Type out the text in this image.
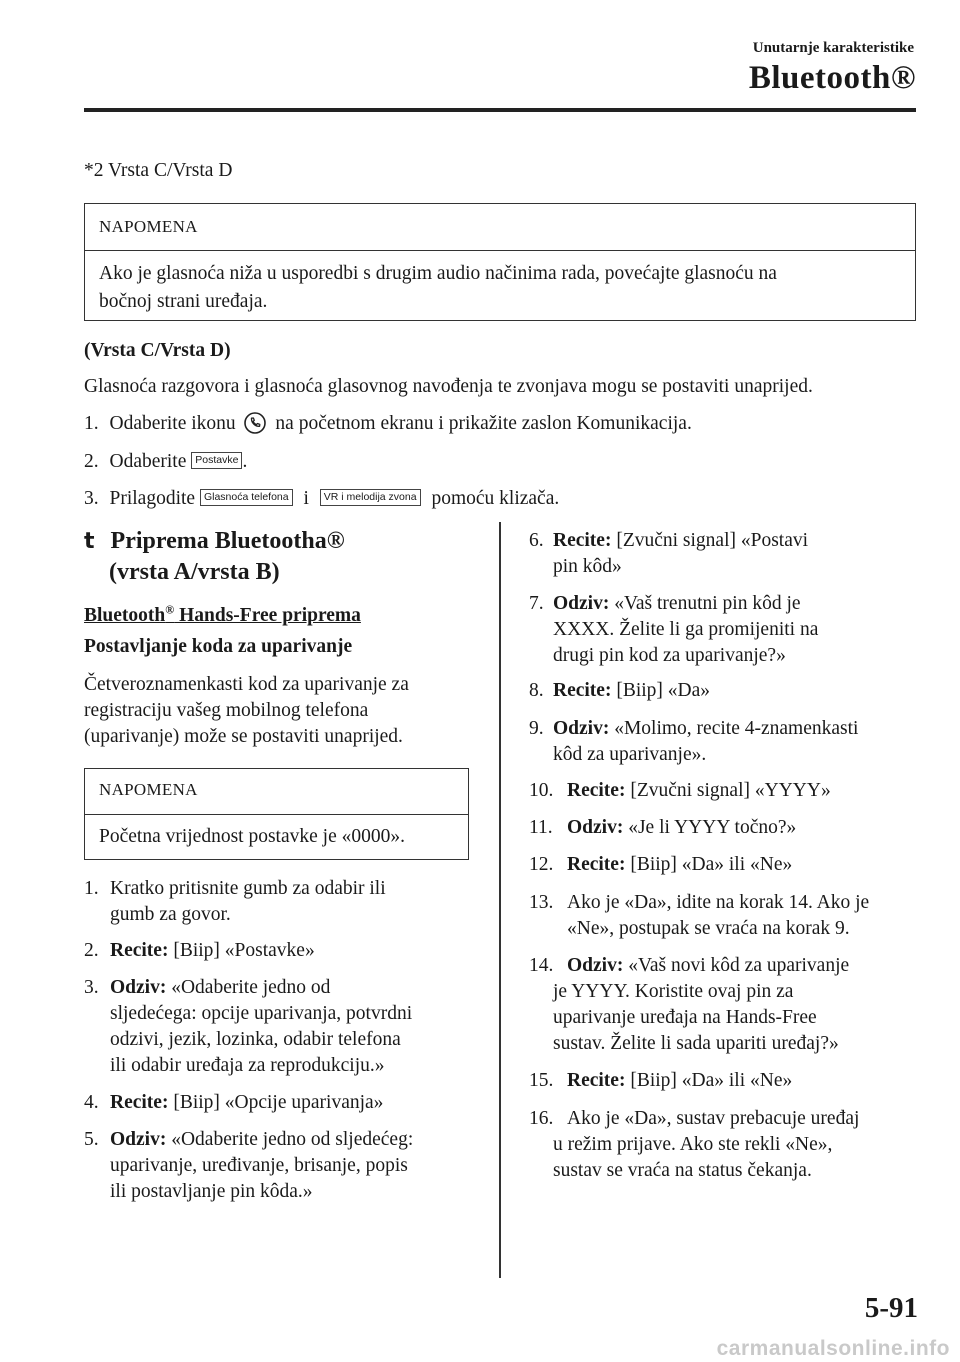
Unutarnje karakteristike
Bluetooth®
*2 Vrsta C/Vrsta D
NAPOMENA
Ako je glasnoća niža u usporedbi s drugim audio načinima rada, povećajte glasnoću na
bočnoj strani uređaja.
(Vrsta C/Vrsta D)
Glasnoća razgovora i glasnoća glasovnog navođenja te zvonjava mogu se postaviti unaprijed.
1. Odaberite ikonu na početnom ekranu i prikažite zaslon Komunikacija.
2. Odaberite Postavke .
3. Prilagodite Glasnoća telefona i VR i melodija zvona pomoću klizača.
t Priprema Bluetootha®
(vrsta A/vrsta B)
Bluetooth® Hands-Free priprema
Postavljanje koda za uparivanje
Četveroznamenkasti kod za uparivanje za
registraciju vašeg mobilnog telefona
(uparivanje) može se postaviti unaprijed.
NAPOMENA
Početna vrijednost postavke je «0000».
1. Kratko pritisnite gumb za odabir ili
gumb za govor.
2. Recite: [Biip] «Postavke»
3. Odziv: «Odaberite jedno od
sljedećega: opcije uparivanja, potvrdni
odzivi, jezik, lozinka, odabir telefona
ili odabir uređaja za reprodukciju.»
4. Recite: [Biip] «Opcije uparivanja»
5. Odziv: «Odaberite jedno od sljedećeg:
uparivanje, uređivanje, brisanje, popis
ili postavljanje pin kôda.»
6. Recite: [Zvučni signal] «Postavi
pin kôd»
7. Odziv: «Vaš trenutni pin kôd je
XXXX. Želite li ga promijeniti na
drugi pin kod za uparivanje?»
8. Recite: [Biip] «Da»
9. Odziv: «Molimo, recite 4-znamenkasti
kôd za uparivanje».
10. Recite: [Zvučni signal] «YYYY»
11. Odziv: «Je li YYYY točno?»
12. Recite: [Biip] «Da» ili «Ne»
13. Ako je «Da», idite na korak 14. Ako je
«Ne», postupak se vraća na korak 9.
14. Odziv: «Vaš novi kôd za uparivanje
je YYYY. Koristite ovaj pin za
uparivanje uređaja na Hands-Free
sustav. Želite li sada upariti uređaj?»
15. Recite: [Biip] «Da» ili «Ne»
16. Ako je «Da», sustav prebacuje uređaj
u režim prijave. Ako ste rekli «Ne»,
sustav se vraća na status čekanja.
5-91
carmanualsonline.info
